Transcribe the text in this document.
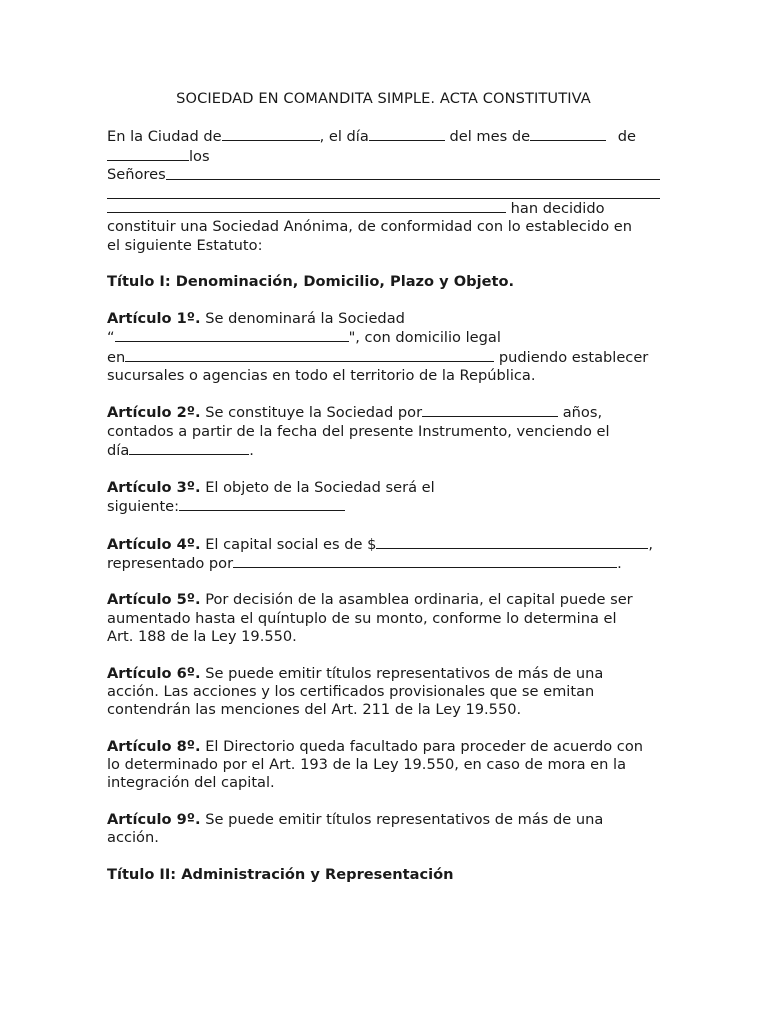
SOCIEDAD EN COMANDITA SIMPLE. ACTA CONSTITUTIVA
En la Ciudad de	, el día	del mes de	de
los
Señores
han decidido
constituir una Sociedad Anónima, de conformidad con lo establecido en
el siguiente Estatuto:
Título I: Denominación, Domicilio, Plazo y Objeto.
Artículo 1º. Se denominará la Sociedad
“	", con domicilio legal
en	pudiendo establecer
sucursales o agencias en todo el territorio de la República.
Artículo 2º. Se constituye la Sociedad por	años,
contados a partir de la fecha del presente Instrumento, venciendo el
día	.
Artículo 3º. El objeto de la Sociedad será el
siguiente:
Artículo 4º. El capital social es de $	,
representado por	.
Artículo 5º. Por decisión de la asamblea ordinaria, el capital puede ser
aumentado hasta el quíntuplo de su monto, conforme lo determina el
Art. 188 de la Ley 19.550.
Artículo 6º. Se puede emitir títulos representativos de más de una
acción. Las acciones y los certificados provisionales que se emitan
contendrán las menciones del Art. 211 de la Ley 19.550.
Artículo 8º. El Directorio queda facultado para proceder de acuerdo con
lo determinado por el Art. 193 de la Ley 19.550, en caso de mora en la
integración del capital.
Artículo 9º. Se puede emitir títulos representativos de más de una
acción.
Título II: Administración y Representación
